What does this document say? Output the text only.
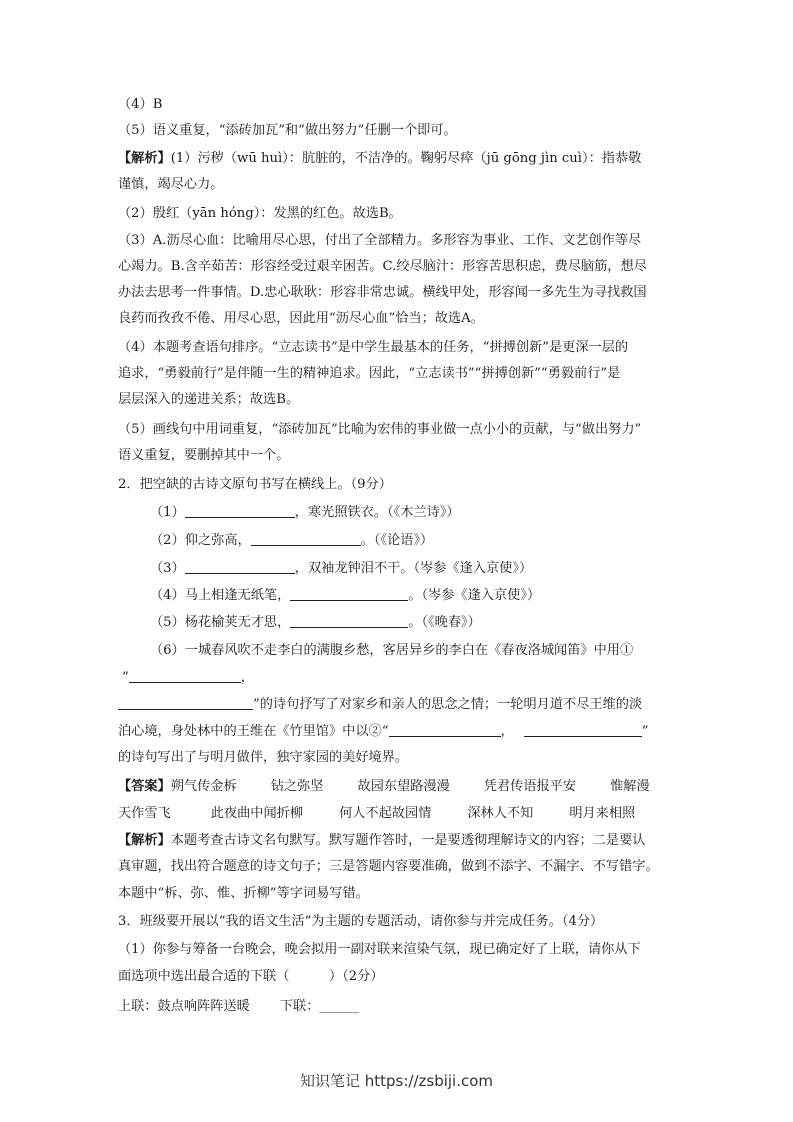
（4）B
（5）语义重复，“添砖加瓦”和“做出努力”任删一个即可。
【解析】(1）污秽（wū huì）：肮脏的，不洁净的。鞠躬尽瘁（jū gōng jìn cuì）：指恭敬
谨慎，竭尽心力。
（2）殷红（yān hóng）：发黑的红色。故选B。
（3）A.沥尽心血：比喻用尽心思，付出了全部精力。多形容为事业、工作、文艺创作等尽
心竭力。B.含辛茹苦：形容经受过艰辛困苦。C.绞尽脑汁：形容苦思积虑，费尽脑筋，想尽
办法去思考一件事情。D.忠心耿耿：形容非常忠诚。横线甲处，形容闻一多先生为寻找救国
良药而孜孜不倦、用尽心思，因此用“沥尽心血”恰当；故选A。
（4）本题考查语句排序。“立志读书”是中学生最基本的任务，“拼搏创新”是更深一层的
追求，“勇毅前行”是伴随一生的精神追求。因此，“立志读书”“拼搏创新”“勇毅前行”是
层层深入的递进关系；故选B。
（5）画线句中用词重复，“添砖加瓦”比喻为宏伟的事业做一点小小的贡献，与“做出努力”
语义重复，要删掉其中一个。
2．把空缺的古诗文原句书写在横线上。（9分）
（1）	，寒光照铁衣。（《木兰诗》）
（2）仰之弥高，	。（《论语》）
（3）	，双袖龙钟泪不干。（岑参《逢入京使》）
（4）马上相逢无纸笔，	。（岑参《逢入京使》）
（5）杨花榆荚无才思，	。（《晚春》）
（6）一城春风吹不走李白的满腹乡愁，客居异乡的李白在《春夜洛城闻笛》中用①
“	，
”的诗句抒写了对家乡和亲人的思念之情；一轮明月道不尽王维的淡
泊心境，身处林中的王维在《竹里馆》中以②“	，	”
的诗句写出了与明月做伴，独守家园的美好境界。
【答案】朔气传金柝	钻之弥坚	故园东望路漫漫	凭君传语报平安	惟解漫
天作雪飞	此夜曲中闻折柳	何人不起故园情	深林人不知	明月来相照
【解析】本题考查古诗文名句默写。默写题作答时，一是要透彻理解诗文的内容；二是要认
真审题，找出符合题意的诗文句子；三是答题内容要准确，做到不添字、不漏字、不写错字。
本题中“柝、弥、惟、折柳”等字词易写错。
3．班级要开展以“我的语文生活”为主题的专题活动，请你参与并完成任务。（4分）
（1）你参与筹备一台晚会，晚会拟用一副对联来渲染气氛，现已确定好了上联，请你从下
面选项中选出最合适的下联（　　　）（2分）
上联：鼓点响阵阵送暖 下联：______
知识笔记 https://zsbiji.com
